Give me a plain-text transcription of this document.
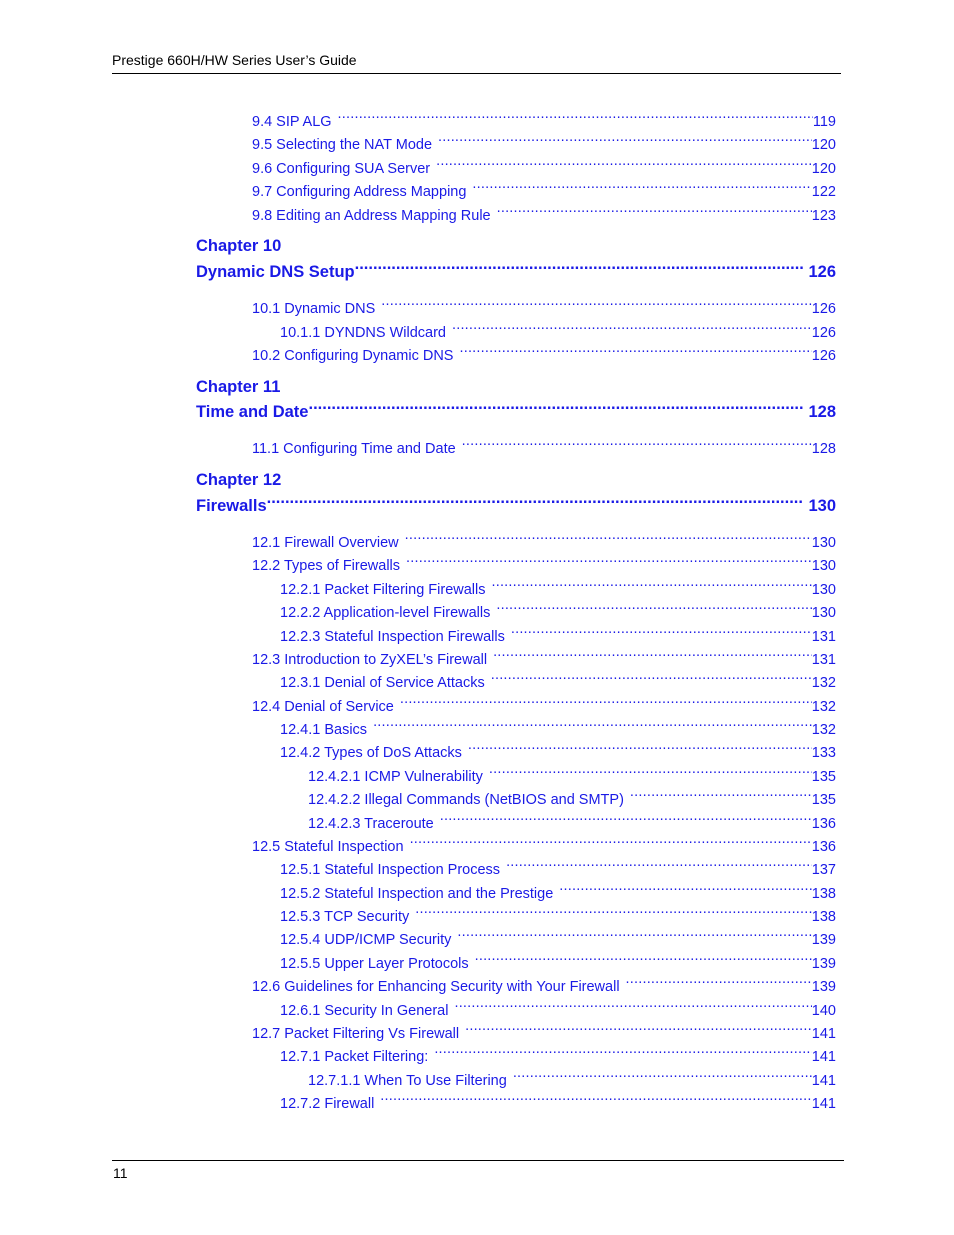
Prestige 660H/HW Series User’s Guide
9.4 SIP ALG .....	119
9.5 Selecting the NAT Mode .....	120
9.6 Configuring SUA Server .....	120
9.7 Configuring Address Mapping .....	122
9.8 Editing an Address Mapping Rule .....	123
Chapter 10
Dynamic DNS Setup .....	126
10.1 Dynamic DNS .....	126
10.1.1 DYNDNS Wildcard .....	126
10.2 Configuring Dynamic DNS .....	126
Chapter 11
Time and Date .....	128
11.1 Configuring Time and Date .....	128
Chapter 12
Firewalls .....	130
12.1 Firewall Overview .....	130
12.2 Types of Firewalls .....	130
12.2.1 Packet Filtering Firewalls .....	130
12.2.2 Application-level Firewalls .....	130
12.2.3 Stateful Inspection Firewalls .....	131
12.3 Introduction to ZyXEL’s Firewall .....	131
12.3.1 Denial of Service Attacks .....	132
12.4 Denial of Service .....	132
12.4.1 Basics .....	132
12.4.2 Types of DoS Attacks .....	133
12.4.2.1 ICMP Vulnerability .....	135
12.4.2.2 Illegal Commands (NetBIOS and SMTP) .....	135
12.4.2.3 Traceroute .....	136
12.5 Stateful Inspection .....	136
12.5.1 Stateful Inspection Process .....	137
12.5.2 Stateful Inspection and the Prestige .....	138
12.5.3 TCP Security .....	138
12.5.4 UDP/ICMP Security .....	139
12.5.5 Upper Layer Protocols .....	139
12.6 Guidelines for Enhancing Security with Your Firewall .....	139
12.6.1 Security In General .....	140
12.7 Packet Filtering Vs Firewall .....	141
12.7.1 Packet Filtering: .....	141
12.7.1.1 When To Use Filtering .....	141
12.7.2 Firewall .....	141
11
